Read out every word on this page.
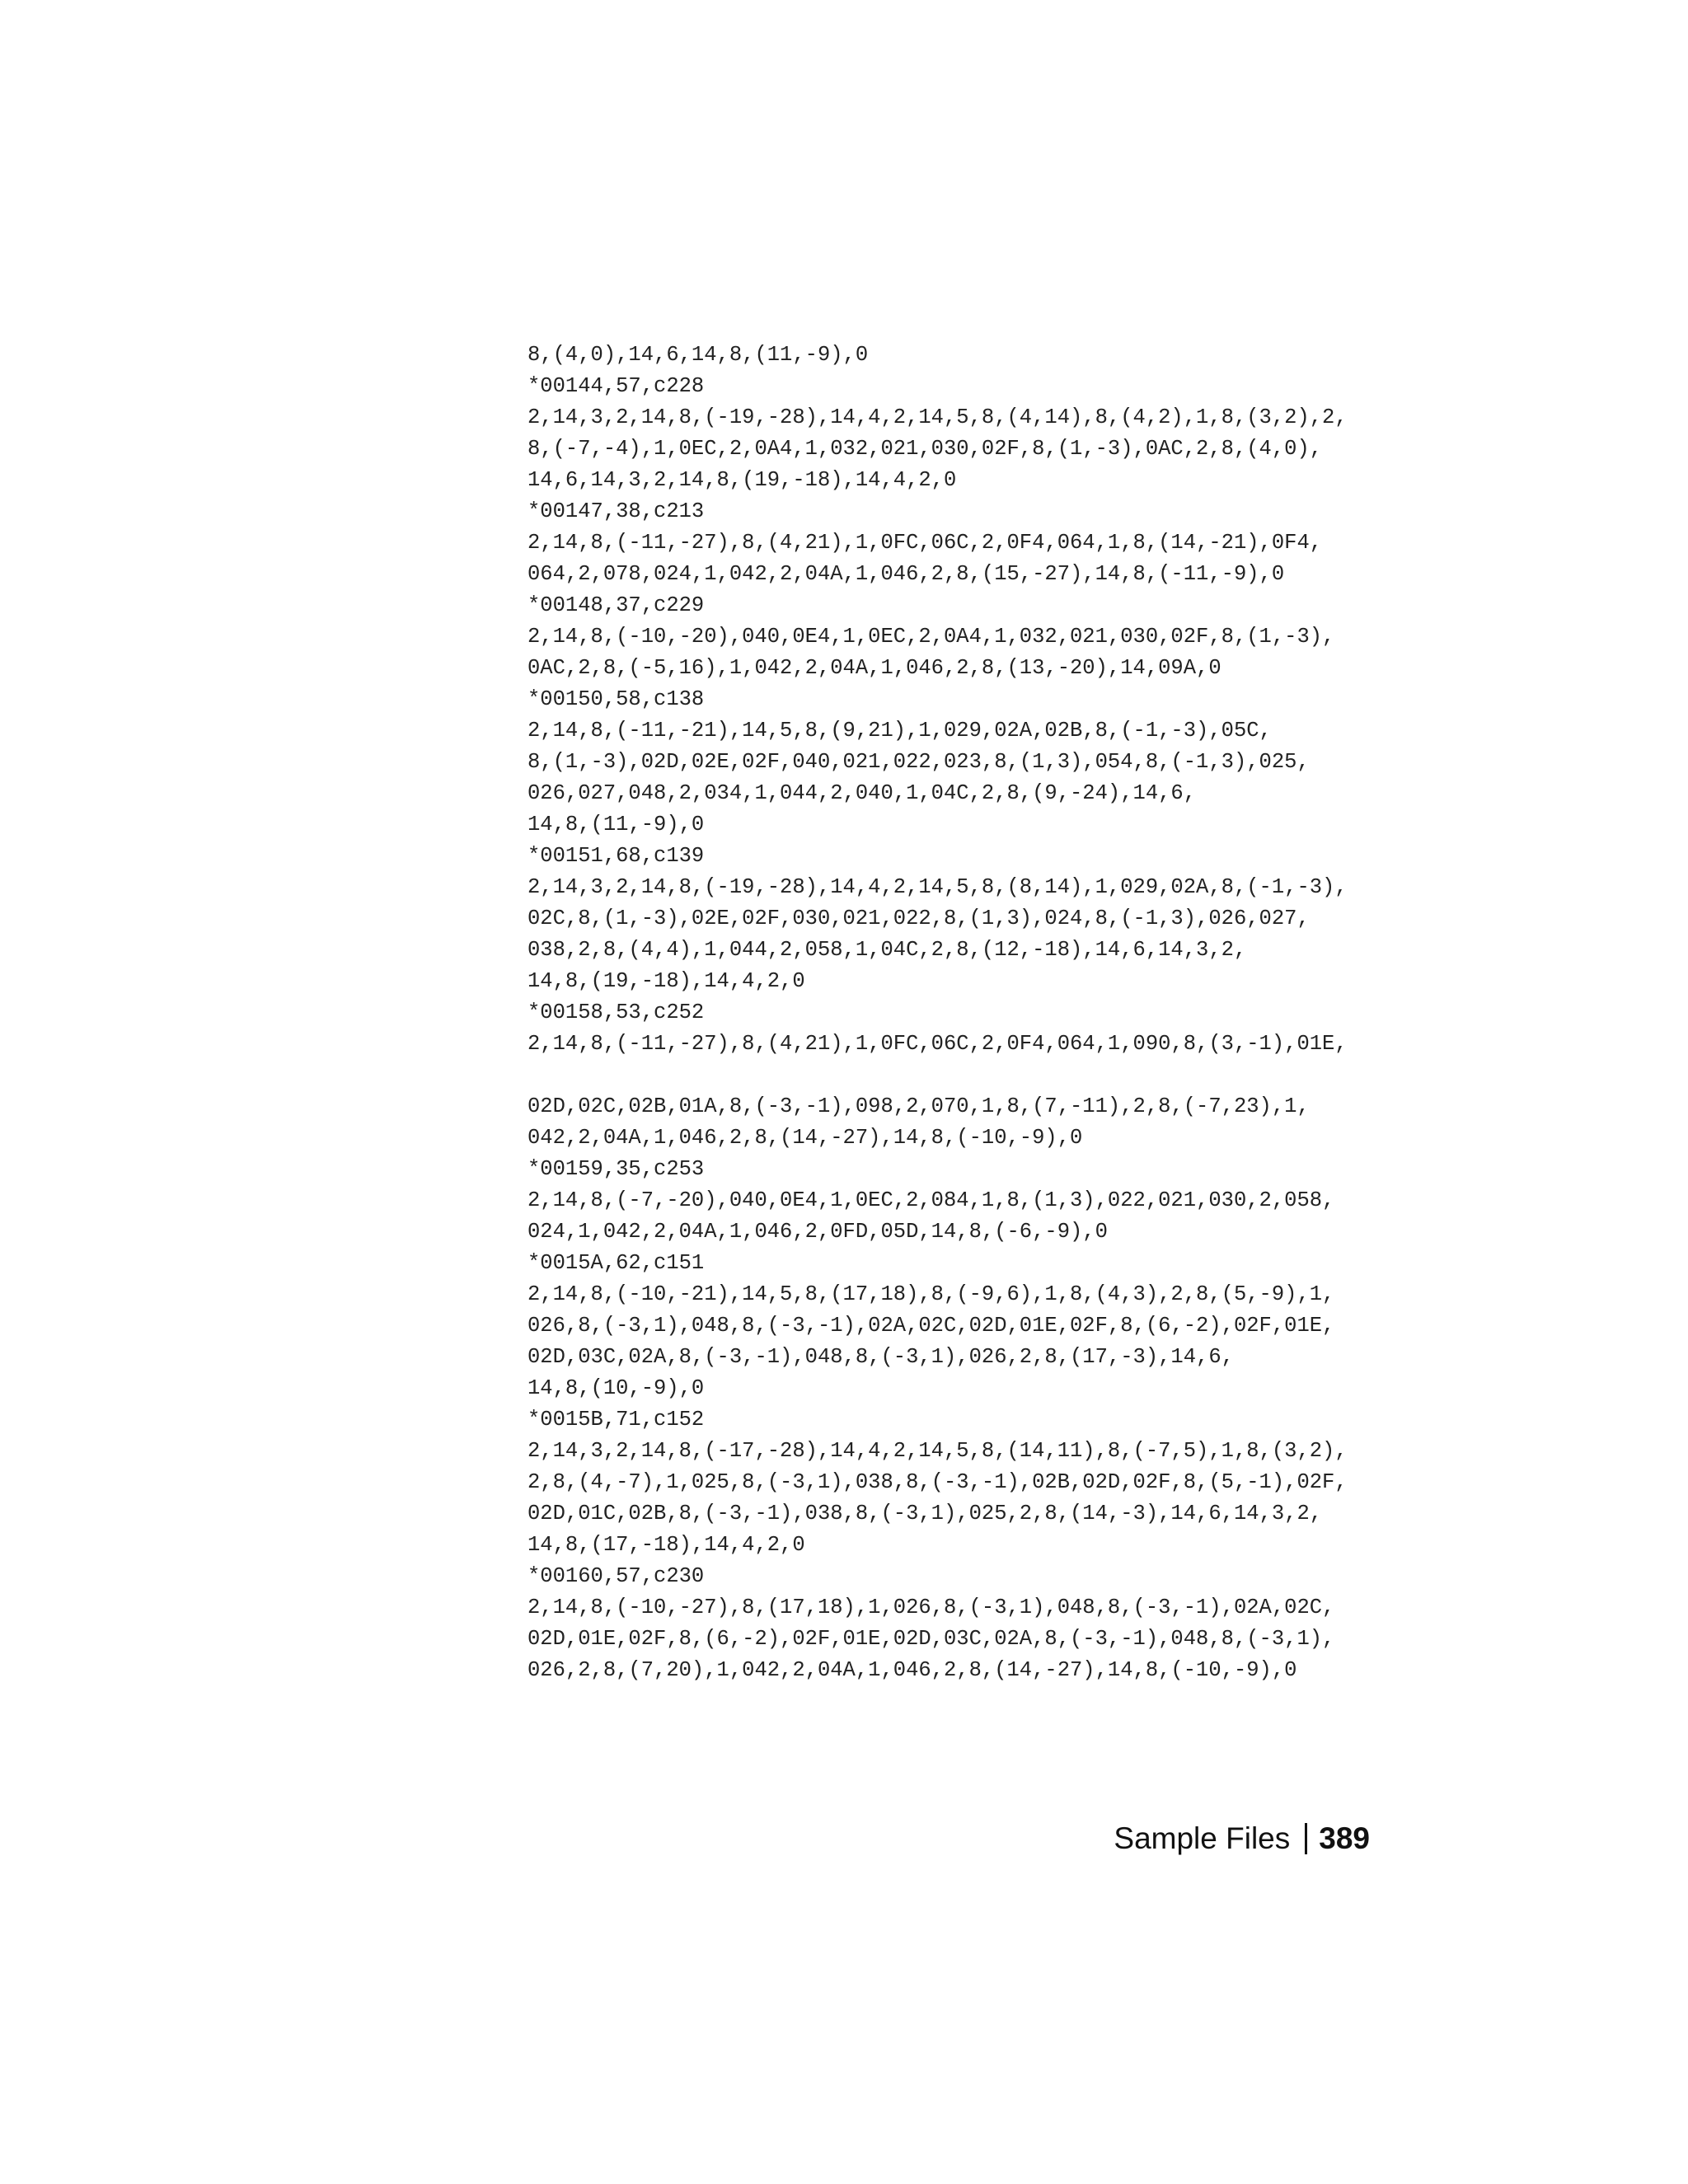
8,(4,0),14,6,14,8,(11,-9),0
*00144,57,c228
2,14,3,2,14,8,(-19,-28),14,4,2,14,5,8,(4,14),8,(4,2),1,8,(3,2),2,
8,(-7,-4),1,0EC,2,0A4,1,032,021,030,02F,8,(1,-3),0AC,2,8,(4,0),
14,6,14,3,2,14,8,(19,-18),14,4,2,0
*00147,38,c213
2,14,8,(-11,-27),8,(4,21),1,0FC,06C,2,0F4,064,1,8,(14,-21),0F4,
064,2,078,024,1,042,2,04A,1,046,2,8,(15,-27),14,8,(-11,-9),0
*00148,37,c229
2,14,8,(-10,-20),040,0E4,1,0EC,2,0A4,1,032,021,030,02F,8,(1,-3),
0AC,2,8,(-5,16),1,042,2,04A,1,046,2,8,(13,-20),14,09A,0
*00150,58,c138
2,14,8,(-11,-21),14,5,8,(9,21),1,029,02A,02B,8,(-1,-3),05C,
8,(1,-3),02D,02E,02F,040,021,022,023,8,(1,3),054,8,(-1,3),025,
026,027,048,2,034,1,044,2,040,1,04C,2,8,(9,-24),14,6,
14,8,(11,-9),0
*00151,68,c139
2,14,3,2,14,8,(-19,-28),14,4,2,14,5,8,(8,14),1,029,02A,8,(-1,-3),
02C,8,(1,-3),02E,02F,030,021,022,8,(1,3),024,8,(-1,3),026,027,
038,2,8,(4,4),1,044,2,058,1,04C,2,8,(12,-18),14,6,14,3,2,
14,8,(19,-18),14,4,2,0
*00158,53,c252
2,14,8,(-11,-27),8,(4,21),1,0FC,06C,2,0F4,064,1,090,8,(3,-1),01E,
02D,02C,02B,01A,8,(-3,-1),098,2,070,1,8,(7,-11),2,8,(-7,23),1,
042,2,04A,1,046,2,8,(14,-27),14,8,(-10,-9),0
*00159,35,c253
2,14,8,(-7,-20),040,0E4,1,0EC,2,084,1,8,(1,3),022,021,030,2,058,
024,1,042,2,04A,1,046,2,0FD,05D,14,8,(-6,-9),0
*0015A,62,c151
2,14,8,(-10,-21),14,5,8,(17,18),8,(-9,6),1,8,(4,3),2,8,(5,-9),1,
026,8,(-3,1),048,8,(-3,-1),02A,02C,02D,01E,02F,8,(6,-2),02F,01E,
02D,03C,02A,8,(-3,-1),048,8,(-3,1),026,2,8,(17,-3),14,6,
14,8,(10,-9),0
*0015B,71,c152
2,14,3,2,14,8,(-17,-28),14,4,2,14,5,8,(14,11),8,(-7,5),1,8,(3,2),
2,8,(4,-7),1,025,8,(-3,1),038,8,(-3,-1),02B,02D,02F,8,(5,-1),02F,
02D,01C,02B,8,(-3,-1),038,8,(-3,1),025,2,8,(14,-3),14,6,14,3,2,
14,8,(17,-18),14,4,2,0
*00160,57,c230
2,14,8,(-10,-27),8,(17,18),1,026,8,(-3,1),048,8,(-3,-1),02A,02C,
02D,01E,02F,8,(6,-2),02F,01E,02D,03C,02A,8,(-3,-1),048,8,(-3,1),
026,2,8,(7,20),1,042,2,04A,1,046,2,8,(14,-27),14,8,(-10,-9),0
Sample Files 389
